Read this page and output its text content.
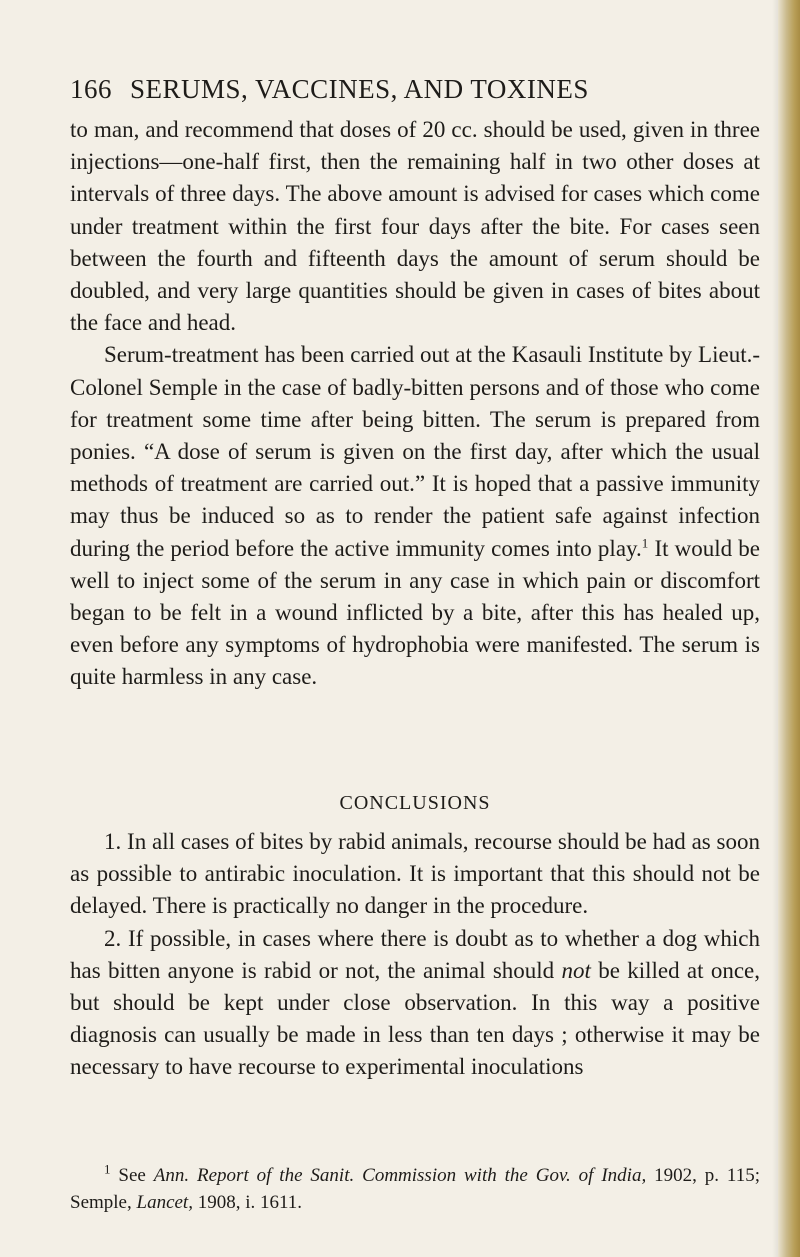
166 SERUMS, VACCINES, AND TOXINES

to man, and recommend that doses of 20 cc. should be used, given in three injections—one-half first, then the remaining half in two other doses at intervals of three days. The above amount is advised for cases which come under treatment within the first four days after the bite. For cases seen between the fourth and fifteenth days the amount of serum should be doubled, and very large quantities should be given in cases of bites about the face and head.

Serum-treatment has been carried out at the Kasauli Institute by Lieut.-Colonel Semple in the case of badly-bitten persons and of those who come for treatment some time after being bitten. The serum is prepared from ponies. “A dose of serum is given on the first day, after which the usual methods of treatment are carried out.” It is hoped that a passive immunity may thus be induced so as to render the patient safe against infection during the period before the active immunity comes into play.$^1$ It would be well to inject some of the serum in any case in which pain or discomfort began to be felt in a wound inflicted by a bite, after this has healed up, even before any symptoms of hydrophobia were manifested. The serum is quite harmless in any case.

CONCLUSIONS

1. In all cases of bites by rabid animals, recourse should be had as soon as possible to antirabic inoculation. It is important that this should not be delayed. There is practically no danger in the procedure.

2. If possible, in cases where there is doubt as to whether a dog which has bitten anyone is rabid or not, the animal should not be killed at once, but should be kept under close observation. In this way a positive diagnosis can usually be made in less than ten days ; otherwise it may be necessary to have recourse to experimental inoculations

$^1$ See Ann. Report of the Sanit. Commission with the Gov. of India, 1902, p. 115; Semple, Lancet, 1908, i. 1611.
